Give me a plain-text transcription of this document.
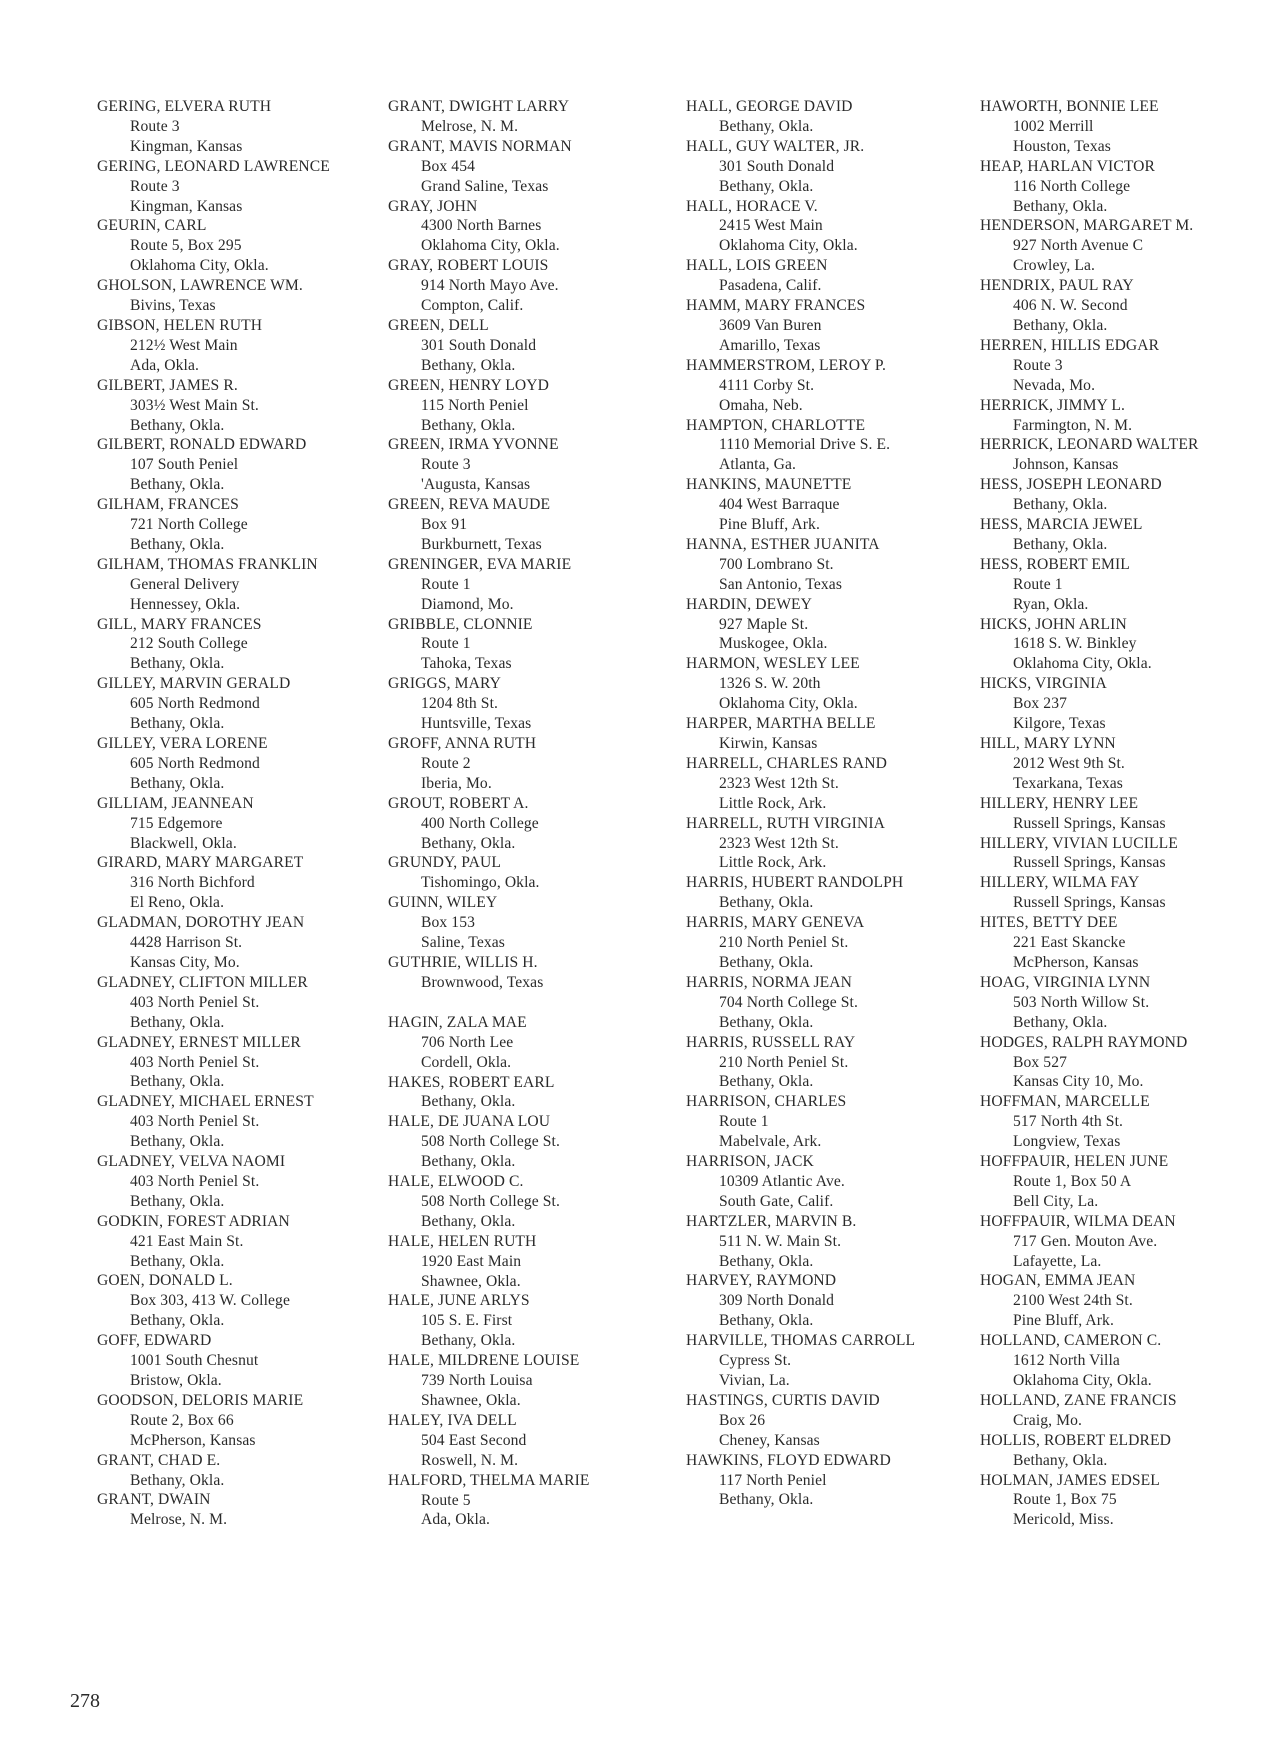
GERING, ELVERA RUTH
Route 3
Kingman, Kansas
GERING, LEONARD LAWRENCE
Route 3
Kingman, Kansas
GEURIN, CARL
Route 5, Box 295
Oklahoma City, Okla.
GHOLSON, LAWRENCE WM.
Bivins, Texas
GIBSON, HELEN RUTH
212½ West Main
Ada, Okla.
GILBERT, JAMES R.
303½ West Main St.
Bethany, Okla.
GILBERT, RONALD EDWARD
107 South Peniel
Bethany, Okla.
GILHAM, FRANCES
721 North College
Bethany, Okla.
GILHAM, THOMAS FRANKLIN
General Delivery
Hennessey, Okla.
GILL, MARY FRANCES
212 South College
Bethany, Okla.
GILLEY, MARVIN GERALD
605 North Redmond
Bethany, Okla.
GILLEY, VERA LORENE
605 North Redmond
Bethany, Okla.
GILLIAM, JEANNEAN
715 Edgemore
Blackwell, Okla.
GIRARD, MARY MARGARET
316 North Bichford
El Reno, Okla.
GLADMAN, DOROTHY JEAN
4428 Harrison St.
Kansas City, Mo.
GLADNEY, CLIFTON MILLER
403 North Peniel St.
Bethany, Okla.
GLADNEY, ERNEST MILLER
403 North Peniel St.
Bethany, Okla.
GLADNEY, MICHAEL ERNEST
403 North Peniel St.
Bethany, Okla.
GLADNEY, VELVA NAOMI
403 North Peniel St.
Bethany, Okla.
GODKIN, FOREST ADRIAN
421 East Main St.
Bethany, Okla.
GOEN, DONALD L.
Box 303, 413 W. College
Bethany, Okla.
GOFF, EDWARD
1001 South Chesnut
Bristow, Okla.
GOODSON, DELORIS MARIE
Route 2, Box 66
McPherson, Kansas
GRANT, CHAD E.
Bethany, Okla.
GRANT, DWAIN
Melrose, N. M.
GRANT, DWIGHT LARRY
Melrose, N. M.
GRANT, MAVIS NORMAN
Box 454
Grand Saline, Texas
GRAY, JOHN
4300 North Barnes
Oklahoma City, Okla.
GRAY, ROBERT LOUIS
914 North Mayo Ave.
Compton, Calif.
GREEN, DELL
301 South Donald
Bethany, Okla.
GREEN, HENRY LOYD
115 North Peniel
Bethany, Okla.
GREEN, IRMA YVONNE
Route 3
'Augusta, Kansas
GREEN, REVA MAUDE
Box 91
Burkburnett, Texas
GRENINGER, EVA MARIE
Route 1
Diamond, Mo.
GRIBBLE, CLONNIE
Route 1
Tahoka, Texas
GRIGGS, MARY
1204 8th St.
Huntsville, Texas
GROFF, ANNA RUTH
Route 2
Iberia, Mo.
GROUT, ROBERT A.
400 North College
Bethany, Okla.
GRUNDY, PAUL
Tishomingo, Okla.
GUINN, WILEY
Box 153
Saline, Texas
GUTHRIE, WILLIS H.
Brownwood, Texas
HAGIN, ZALA MAE
706 North Lee
Cordell, Okla.
HAKES, ROBERT EARL
Bethany, Okla.
HALE, DE JUANA LOU
508 North College St.
Bethany, Okla.
HALE, ELWOOD C.
508 North College St.
Bethany, Okla.
HALE, HELEN RUTH
1920 East Main
Shawnee, Okla.
HALE, JUNE ARLYS
105 S. E. First
Bethany, Okla.
HALE, MILDRENE LOUISE
739 North Louisa
Shawnee, Okla.
HALEY, IVA DELL
504 East Second
Roswell, N. M.
HALFORD, THELMA MARIE
Route 5
Ada, Okla.
HALL, GEORGE DAVID
Bethany, Okla.
HALL, GUY WALTER, JR.
301 South Donald
Bethany, Okla.
HALL, HORACE V.
2415 West Main
Oklahoma City, Okla.
HALL, LOIS GREEN
Pasadena, Calif.
HAMM, MARY FRANCES
3609 Van Buren
Amarillo, Texas
HAMMERSTROM, LEROY P.
4111 Corby St.
Omaha, Neb.
HAMPTON, CHARLOTTE
1110 Memorial Drive S. E.
Atlanta, Ga.
HANKINS, MAUNETTE
404 West Barraque
Pine Bluff, Ark.
HANNA, ESTHER JUANITA
700 Lombrano St.
San Antonio, Texas
HARDIN, DEWEY
927 Maple St.
Muskogee, Okla.
HARMON, WESLEY LEE
1326 S. W. 20th
Oklahoma City, Okla.
HARPER, MARTHA BELLE
Kirwin, Kansas
HARRELL, CHARLES RAND
2323 West 12th St.
Little Rock, Ark.
HARRELL, RUTH VIRGINIA
2323 West 12th St.
Little Rock, Ark.
HARRIS, HUBERT RANDOLPH
Bethany, Okla.
HARRIS, MARY GENEVA
210 North Peniel St.
Bethany, Okla.
HARRIS, NORMA JEAN
704 North College St.
Bethany, Okla.
HARRIS, RUSSELL RAY
210 North Peniel St.
Bethany, Okla.
HARRISON, CHARLES
Route 1
Mabelvale, Ark.
HARRISON, JACK
10309 Atlantic Ave.
South Gate, Calif.
HARTZLER, MARVIN B.
511 N. W. Main St.
Bethany, Okla.
HARVEY, RAYMOND
309 North Donald
Bethany, Okla.
HARVILLE, THOMAS CARROLL
Cypress St.
Vivian, La.
HASTINGS, CURTIS DAVID
Box 26
Cheney, Kansas
HAWKINS, FLOYD EDWARD
117 North Peniel
Bethany, Okla.
HAWORTH, BONNIE LEE
1002 Merrill
Houston, Texas
HEAP, HARLAN VICTOR
116 North College
Bethany, Okla.
HENDERSON, MARGARET M.
927 North Avenue C
Crowley, La.
HENDRIX, PAUL RAY
406 N. W. Second
Bethany, Okla.
HERREN, HILLIS EDGAR
Route 3
Nevada, Mo.
HERRICK, JIMMY L.
Farmington, N. M.
HERRICK, LEONARD WALTER
Johnson, Kansas
HESS, JOSEPH LEONARD
Bethany, Okla.
HESS, MARCIA JEWEL
Bethany, Okla.
HESS, ROBERT EMIL
Route 1
Ryan, Okla.
HICKS, JOHN ARLIN
1618 S. W. Binkley
Oklahoma City, Okla.
HICKS, VIRGINIA
Box 237
Kilgore, Texas
HILL, MARY LYNN
2012 West 9th St.
Texarkana, Texas
HILLERY, HENRY LEE
Russell Springs, Kansas
HILLERY, VIVIAN LUCILLE
Russell Springs, Kansas
HILLERY, WILMA FAY
Russell Springs, Kansas
HITES, BETTY DEE
221 East Skancke
McPherson, Kansas
HOAG, VIRGINIA LYNN
503 North Willow St.
Bethany, Okla.
HODGES, RALPH RAYMOND
Box 527
Kansas City 10, Mo.
HOFFMAN, MARCELLE
517 North 4th St.
Longview, Texas
HOFFPAUIR, HELEN JUNE
Route 1, Box 50 A
Bell City, La.
HOFFPAUIR, WILMA DEAN
717 Gen. Mouton Ave.
Lafayette, La.
HOGAN, EMMA JEAN
2100 West 24th St.
Pine Bluff, Ark.
HOLLAND, CAMERON C.
1612 North Villa
Oklahoma City, Okla.
HOLLAND, ZANE FRANCIS
Craig, Mo.
HOLLIS, ROBERT ELDRED
Bethany, Okla.
HOLMAN, JAMES EDSEL
Route 1, Box 75
Mericold, Miss.
278
